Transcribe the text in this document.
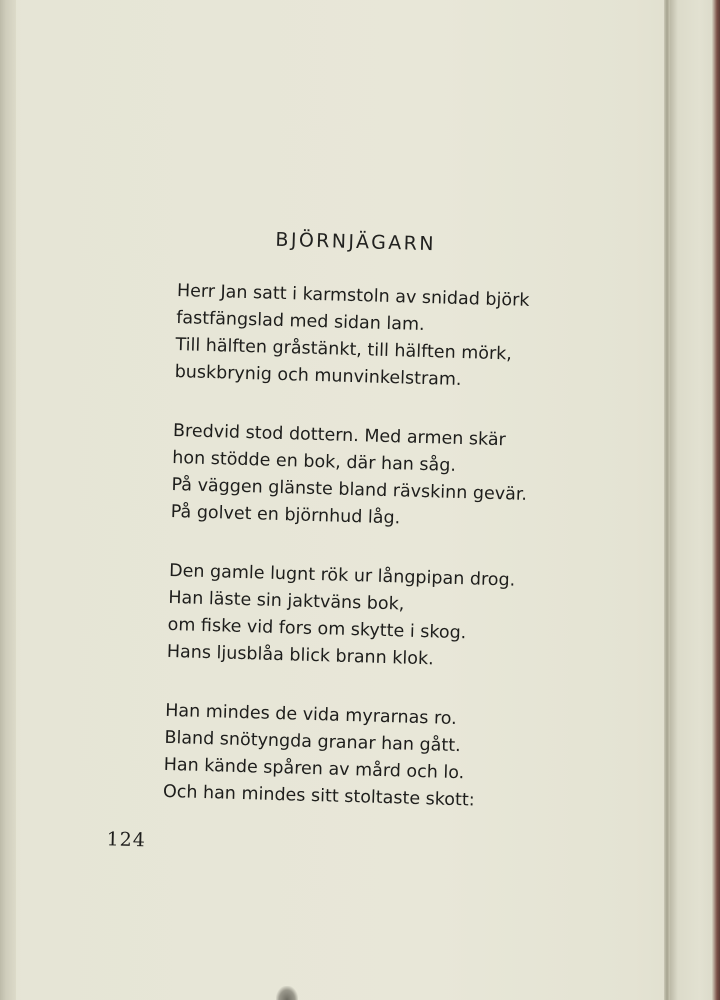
BJÖRNJÄGARN

Herr Jan satt i karmstoln av snidad björk
fastfängslad med sidan lam.
Till hälften gråstänkt, till hälften mörk,
buskbrynig och munvinkelstram.

Bredvid stod dottern. Med armen skär
hon stödde en bok, där han såg.
På väggen glänste bland rävskinn gevär.
På golvet en björnhud låg.

Den gamle lugnt rök ur långpipan drog.
Han läste sin jaktväns bok,
om fiske vid fors om skytte i skog.
Hans ljusblåa blick brann klok.

Han mindes de vida myrarnas ro.
Bland snötyngda granar han gått.
Han kände spåren av mård och lo.
Och han mindes sitt stoltaste skott:

124
